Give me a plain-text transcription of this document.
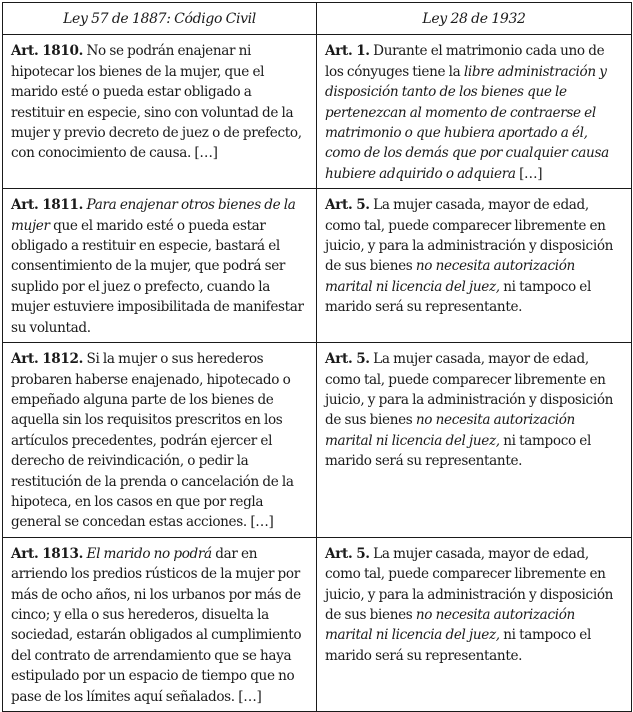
Ley 57 de 1887: Código Civil	Ley 28 de 1932
Art. 1810. No se podrán enajenar ni hipotecar los bienes de la mujer, que el marido esté o pueda estar obligado a restituir en especie, sino con voluntad de la mujer y previo decreto de juez o de prefecto, con conocimiento de causa. […]	Art. 1. Durante el matrimonio cada uno de los cónyuges tiene la libre administración y disposición tanto de los bienes que le pertenezcan al momento de contraerse el matrimonio o que hubiera aportado a él, como de los demás que por cualquier causa hubiere adquirido o adquiera […]
Art. 1811. Para enajenar otros bienes de la mujer que el marido esté o pueda estar obligado a restituir en especie, bastará el consentimiento de la mujer, que podrá ser suplido por el juez o prefecto, cuando la mujer estuviere imposibilitada de manifestar su voluntad.	Art. 5. La mujer casada, mayor de edad, como tal, puede comparecer libremente en juicio, y para la administración y disposición de sus bienes no necesita autorización marital ni licencia del juez, ni tampoco el marido será su representante.
Art. 1812. Si la mujer o sus herederos probaren haberse enajenado, hipotecado o empeñado alguna parte de los bienes de aquella sin los requisitos prescritos en los artículos precedentes, podrán ejercer el derecho de reivindicación, o pedir la restitución de la prenda o cancelación de la hipoteca, en los casos en que por regla general se concedan estas acciones. […]	Art. 5. La mujer casada, mayor de edad, como tal, puede comparecer libremente en juicio, y para la administración y disposición de sus bienes no necesita autorización marital ni licencia del juez, ni tampoco el marido será su representante.
Art. 1813. El marido no podrá dar en arriendo los predios rústicos de la mujer por más de ocho años, ni los urbanos por más de cinco; y ella o sus herederos, disuelta la sociedad, estarán obligados al cumplimiento del contrato de arrendamiento que se haya estipulado por un espacio de tiempo que no pase de los límites aquí señalados. […]	Art. 5. La mujer casada, mayor de edad, como tal, puede comparecer libremente en juicio, y para la administración y disposición de sus bienes no necesita autorización marital ni licencia del juez, ni tampoco el marido será su representante.
